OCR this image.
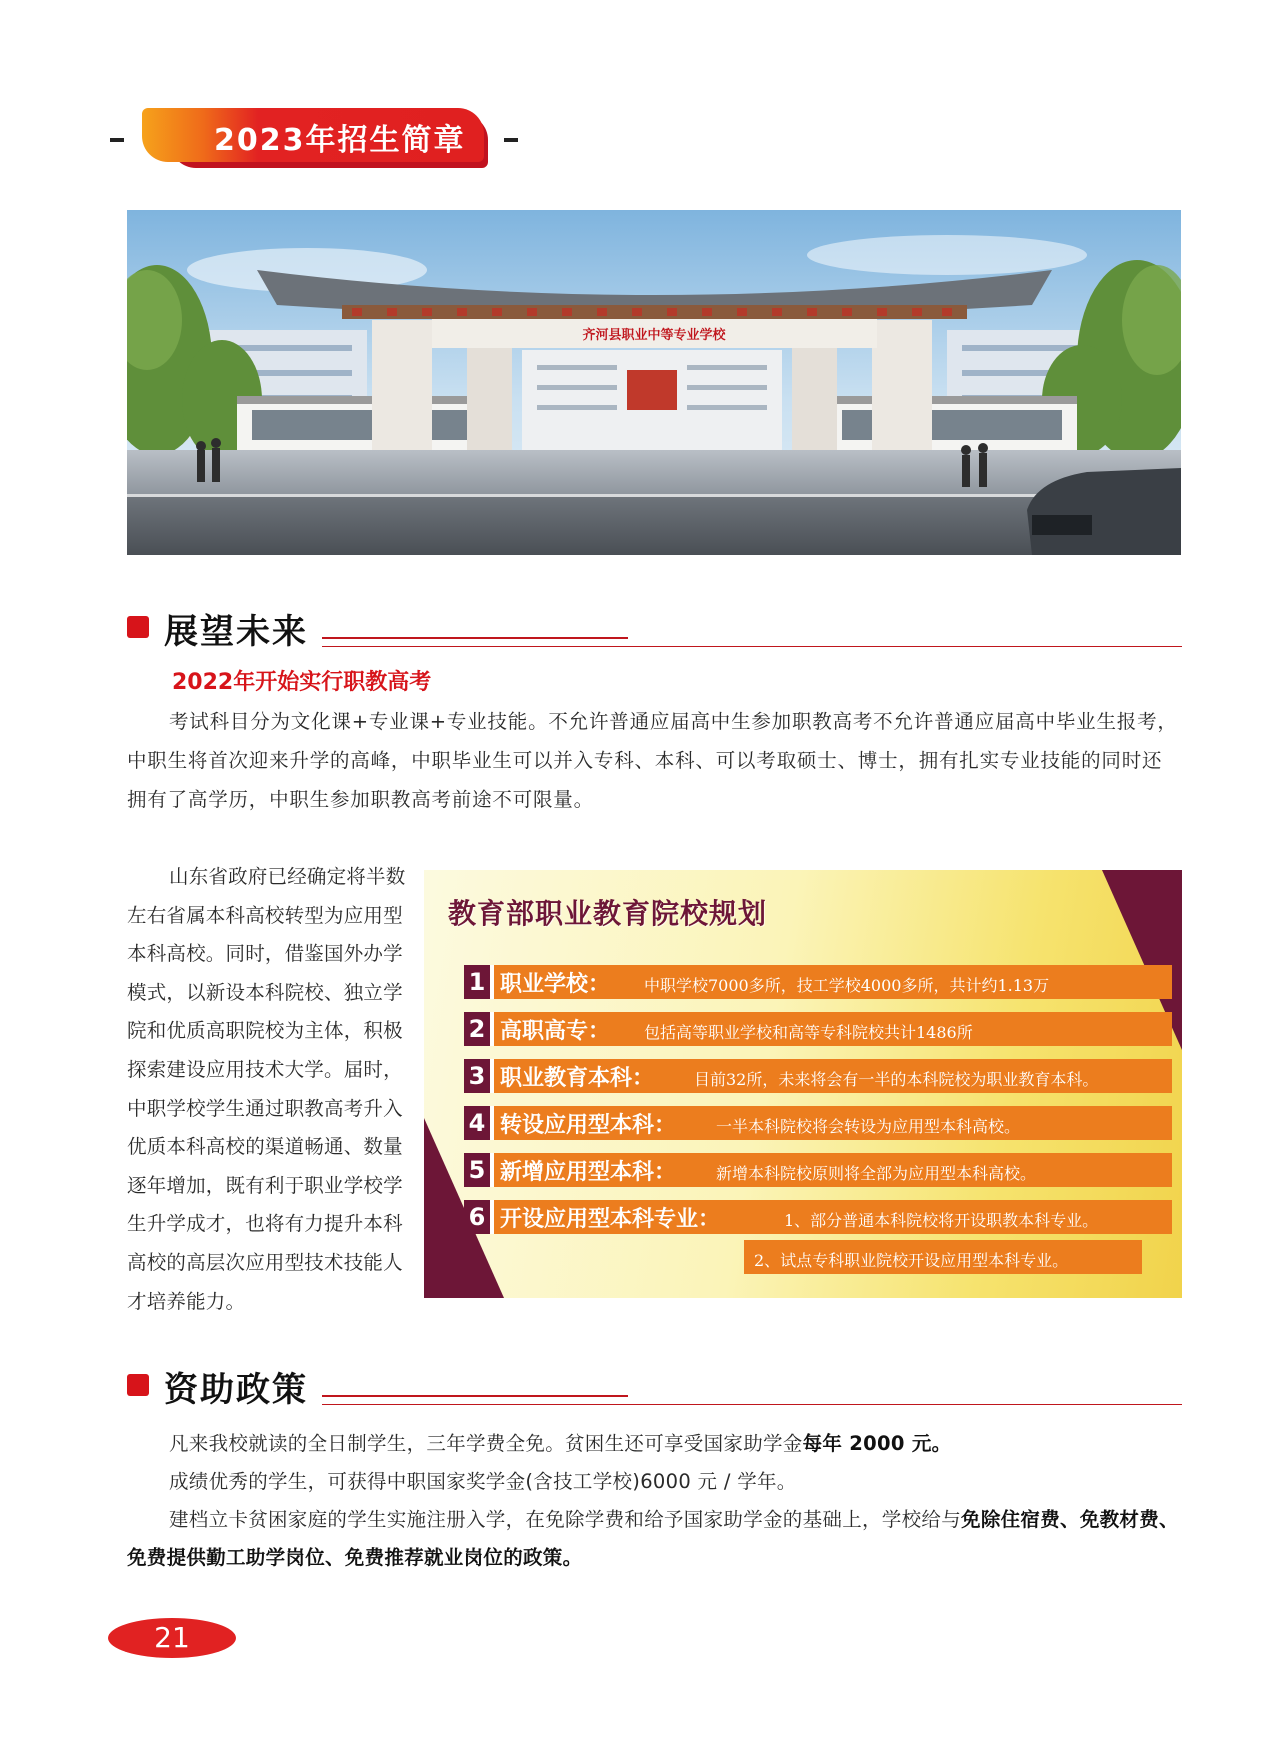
2023年招生简章
齐河县职业中等专业学校
展望未来
2022年开始实行职教高考
考试科目分为文化课+专业课+专业技能。不允许普通应届高中生参加职教高考不允许普通应届高中毕业生报考，中职生将首次迎来升学的高峰，中职毕业生可以并入专科、本科、可以考取硕士、博士，拥有扎实专业技能的同时还拥有了高学历，中职生参加职教高考前途不可限量。
山东省政府已经确定将半数左右省属本科高校转型为应用型本科高校。同时，借鉴国外办学模式，以新设本科院校、独立学院和优质高职院校为主体，积极探索建设应用技术大学。届时，中职学校学生通过职教高考升入优质本科高校的渠道畅通、数量逐年增加，既有利于职业学校学生升学成才，也将有力提升本科高校的高层次应用型技术技能人才培养能力。
教育部职业教育院校规划
1 职业学校： 中职学校7000多所，技工学校4000多所，共计约1.13万
2 高职高专： 包括高等职业学校和高等专科院校共计1486所
3 职业教育本科： 目前32所，未来将会有一半的本科院校为职业教育本科。
4 转设应用型本科： 一半本科院校将会转设为应用型本科高校。
5 新增应用型本科： 新增本科院校原则将全部为应用型本科高校。
6 开设应用型本科专业：	1、部分普通本科院校将开设职教本科专业。
2、试点专科职业院校开设应用型本科专业。
资助政策
凡来我校就读的全日制学生，三年学费全免。贫困生还可享受国家助学金每年 2000 元。
成绩优秀的学生，可获得中职国家奖学金(含技工学校)6000 元 / 学年。
建档立卡贫困家庭的学生实施注册入学，在免除学费和给予国家助学金的基础上，学校给与免除住宿费、免教材费、免费提供勤工助学岗位、免费推荐就业岗位的政策。
21
